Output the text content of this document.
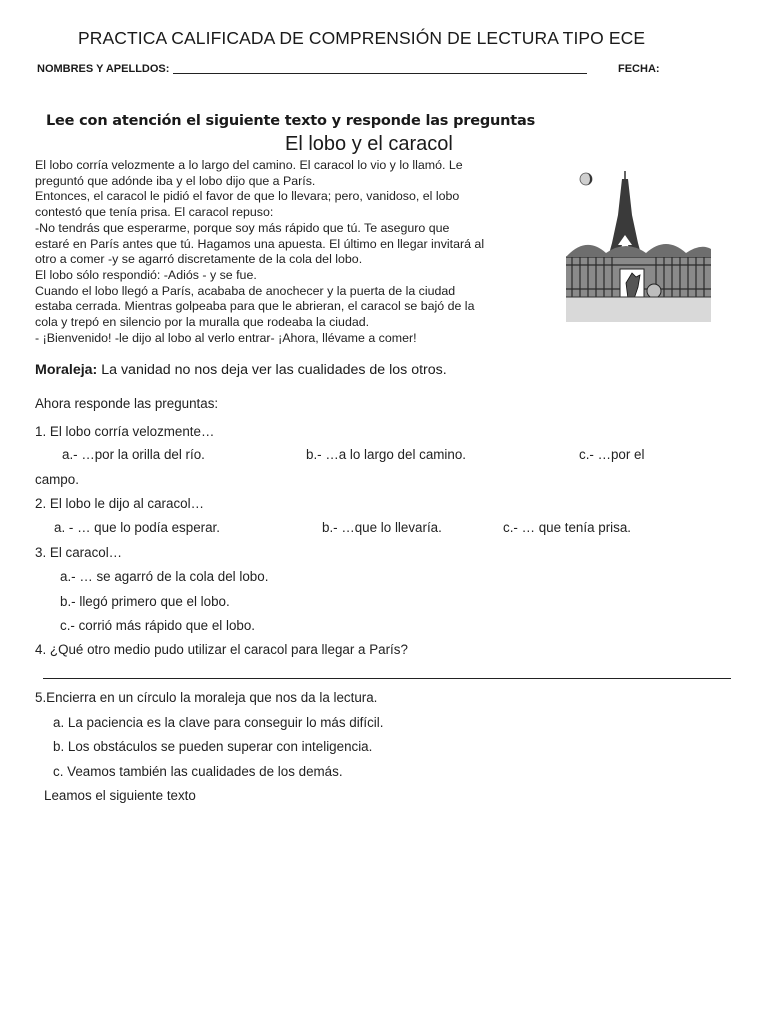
PRACTICA CALIFICADA DE COMPRENSIÓN DE LECTURA TIPO ECE
NOMBRES Y APELLDOS:	FECHA:
Lee con atención el siguiente texto y responde las preguntas
El lobo y el caracol
El lobo corría velozmente a lo largo del camino. El caracol lo vio y lo llamó. Le
preguntó que adónde iba y el lobo dijo que a París.
Entonces, el caracol le pidió el favor de que lo llevara; pero, vanidoso, el lobo
contestó que tenía prisa. El caracol repuso:
-No tendrás que esperarme, porque soy más rápido que tú. Te aseguro que
estaré en París antes que tú. Hagamos una apuesta. El último en llegar invitará al
otro a comer -y se agarró discretamente de la cola del lobo.
El lobo sólo respondió: -Adiós - y se fue.
Cuando el lobo llegó a París, acababa de anochecer y la puerta de la ciudad
estaba cerrada. Mientras golpeaba para que le abrieran, el caracol se bajó de la
cola y trepó en silencio por la muralla que rodeaba la ciudad.
- ¡Bienvenido! -le dijo al lobo al verlo entrar- ¡Ahora, llévame a comer!
Moraleja: La vanidad no nos deja ver las cualidades de los otros.
Ahora responde las preguntas:
1. El lobo corría velozmente…
a.- …por la orilla del río.	b.- …a lo largo del camino.	c.- …por el
campo.
2. El lobo le dijo al caracol…
a. - … que lo podía esperar.	b.- …que lo llevaría.	c.- … que tenía prisa.
3. El caracol…
a.- … se agarró de la cola del lobo.
b.- llegó primero que el lobo.
c.- corrió más rápido que el lobo.
4. ¿Qué otro medio pudo utilizar el caracol para llegar a París?
5.Encierra en un círculo la moraleja que nos da la lectura.
a. La paciencia es la clave para conseguir lo más difícil.
b. Los obstáculos se pueden superar con inteligencia.
c. Veamos también las cualidades de los demás.
Leamos el siguiente texto
